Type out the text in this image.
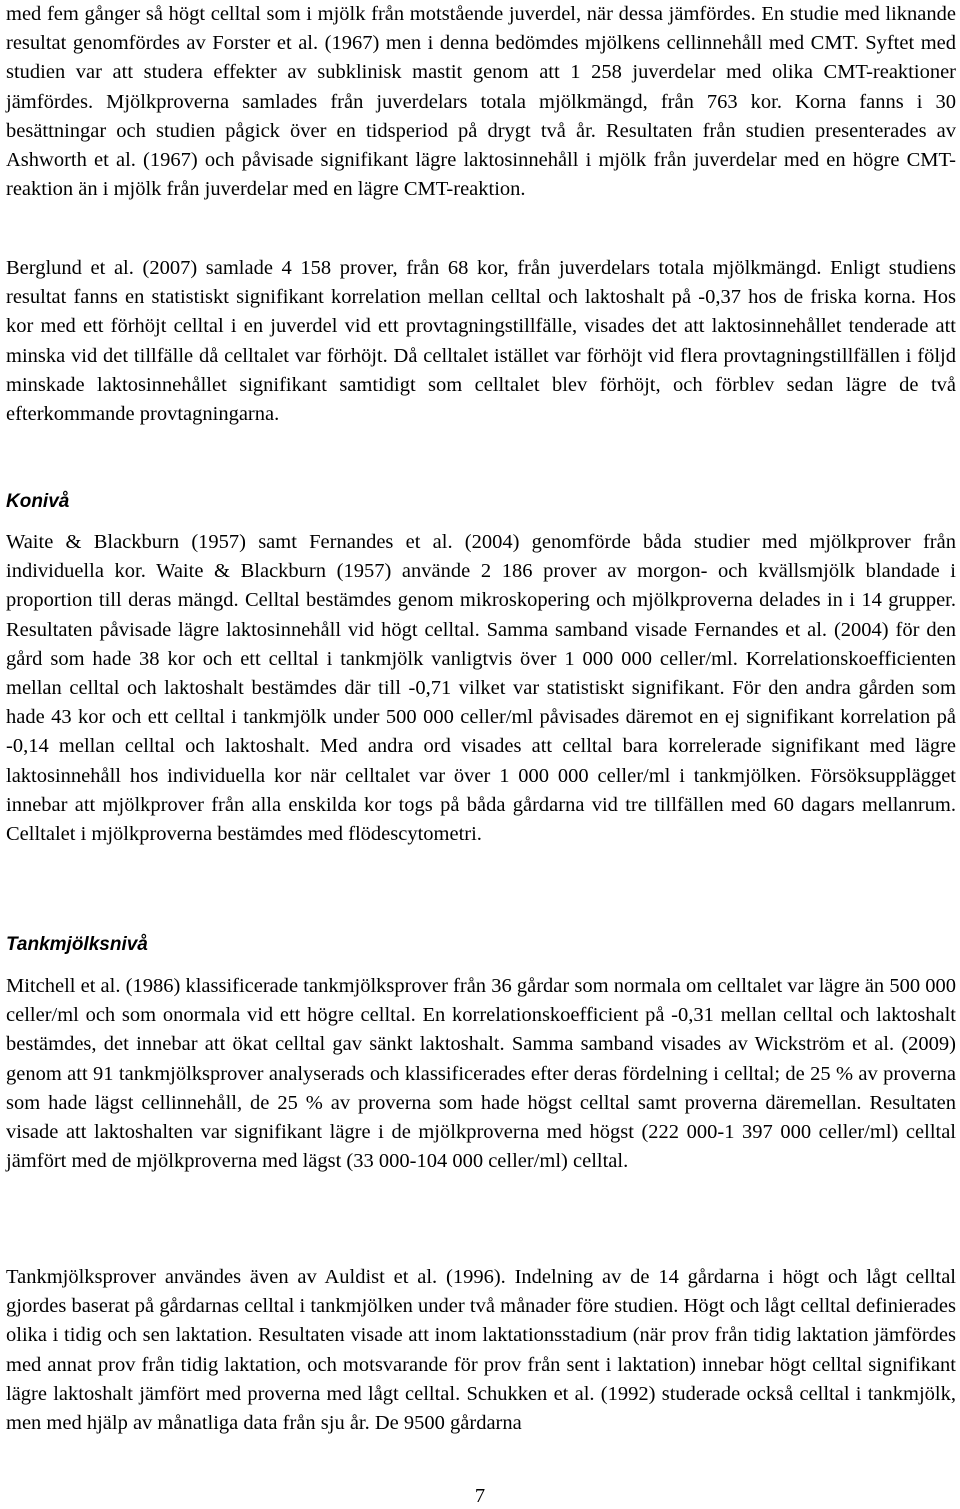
med fem gånger så högt celltal som i mjölk från motstående juverdel, när dessa jämfördes. En studie med liknande resultat genomfördes av Forster et al. (1967) men i denna bedömdes mjölkens cellinnehåll med CMT. Syftet med studien var att studera effekter av subklinisk mastit genom att 1 258 juverdelar med olika CMT-reaktioner jämfördes. Mjölkproverna samlades från juverdelars totala mjölkmängd, från 763 kor. Korna fanns i 30 besättningar och studien pågick över en tidsperiod på drygt två år. Resultaten från studien presenterades av Ashworth et al. (1967) och påvisade signifikant lägre laktosinnehåll i mjölk från juverdelar med en högre CMT-reaktion än i mjölk från juverdelar med en lägre CMT-reaktion.

Berglund et al. (2007) samlade 4 158 prover, från 68 kor, från juverdelars totala mjölkmängd. Enligt studiens resultat fanns en statistiskt signifikant korrelation mellan celltal och laktoshalt på -0,37 hos de friska korna. Hos kor med ett förhöjt celltal i en juverdel vid ett provtagningstillfälle, visades det att laktosinnehållet tenderade att minska vid det tillfälle då celltalet var förhöjt. Då celltalet istället var förhöjt vid flera provtagningstillfällen i följd minskade laktosinnehållet signifikant samtidigt som celltalet blev förhöjt, och förblev sedan lägre de två efterkommande provtagningarna.

Konivå

Waite & Blackburn (1957) samt Fernandes et al. (2004) genomförde båda studier med mjölkprover från individuella kor. Waite & Blackburn (1957) använde 2 186 prover av morgon- och kvällsmjölk blandade i proportion till deras mängd. Celltal bestämdes genom mikroskopering och mjölkproverna delades in i 14 grupper. Resultaten påvisade lägre laktosinnehåll vid högt celltal. Samma samband visade Fernandes et al. (2004) för den gård som hade 38 kor och ett celltal i tankmjölk vanligtvis över 1 000 000 celler/ml. Korrelationskoefficienten mellan celltal och laktoshalt bestämdes där till -0,71 vilket var statistiskt signifikant. För den andra gården som hade 43 kor och ett celltal i tankmjölk under 500 000 celler/ml påvisades däremot en ej signifikant korrelation på -0,14 mellan celltal och laktoshalt. Med andra ord visades att celltal bara korrelerade signifikant med lägre laktosinnehåll hos individuella kor när celltalet var över 1 000 000 celler/ml i tankmjölken. Försöksupplägget innebar att mjölkprover från alla enskilda kor togs på båda gårdarna vid tre tillfällen med 60 dagars mellanrum. Celltalet i mjölkproverna bestämdes med flödescytometri.

Tankmjölksnivå

Mitchell et al. (1986) klassificerade tankmjölksprover från 36 gårdar som normala om celltalet var lägre än 500 000 celler/ml och som onormala vid ett högre celltal. En korrelationskoefficient på -0,31 mellan celltal och laktoshalt bestämdes, det innebar att ökat celltal gav sänkt laktoshalt. Samma samband visades av Wickström et al. (2009) genom att 91 tankmjölksprover analyserads och klassificerades efter deras fördelning i celltal; de 25 % av proverna som hade lägst cellinnehåll, de 25 % av proverna som hade högst celltal samt proverna däremellan. Resultaten visade att laktoshalten var signifikant lägre i de mjölkproverna med högst (222 000-1 397 000 celler/ml) celltal jämfört med de mjölkproverna med lägst (33 000-104 000 celler/ml) celltal.

Tankmjölksprover användes även av Auldist et al. (1996). Indelning av de 14 gårdarna i högt och lågt celltal gjordes baserat på gårdarnas celltal i tankmjölken under två månader före studien. Högt och lågt celltal definierades olika i tidig och sen laktation. Resultaten visade att inom laktationsstadium (när prov från tidig laktation jämfördes med annat prov från tidig laktation, och motsvarande för prov från sent i laktation) innebar högt celltal signifikant lägre laktoshalt jämfört med proverna med lågt celltal. Schukken et al. (1992) studerade också celltal i tankmjölk, men med hjälp av månatliga data från sju år. De 9500 gårdarna

7
